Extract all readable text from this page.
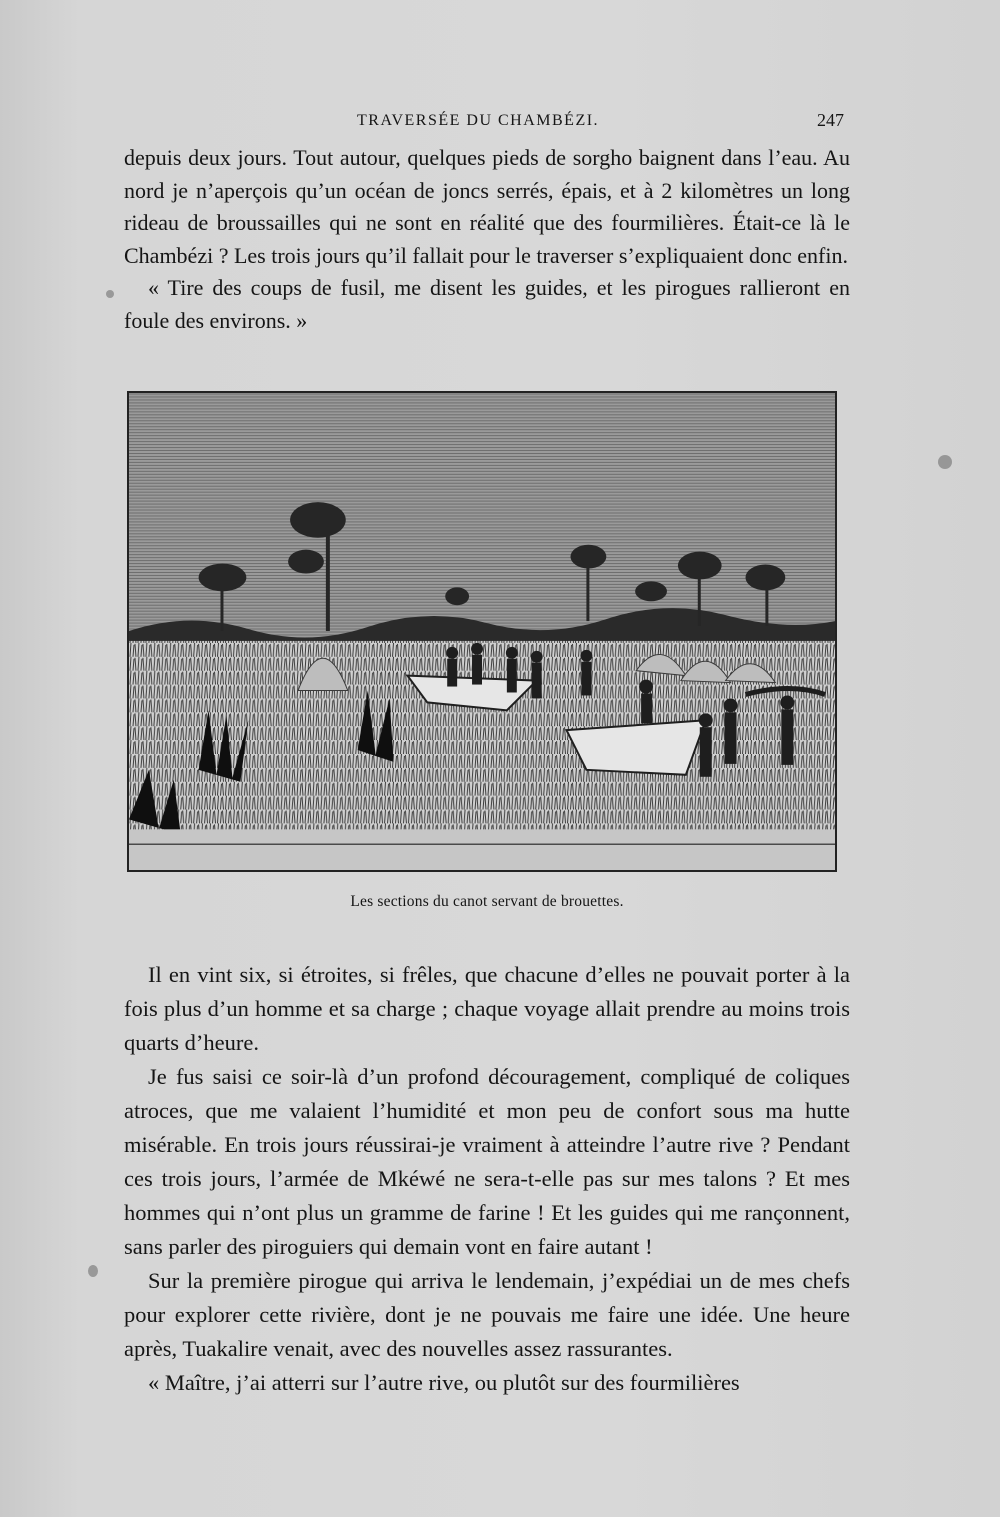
TRAVERSÉE DU CHAMBÉZI.	247

depuis deux jours. Tout autour, quelques pieds de sorgho baignent dans l’eau. Au nord je n’aperçois qu’un océan de joncs serrés, épais, et à 2 kilomètres un long rideau de broussailles qui ne sont en réalité que des fourmilières. Était-ce là le Chambézi ? Les trois jours qu’il fallait pour le traverser s’expliquaient donc enfin.

« Tire des coups de fusil, me disent les guides, et les pirogues rallieront en foule des environs. »

Les sections du canot servant de brouettes.

Il en vint six, si étroites, si frêles, que chacune d’elles ne pouvait porter à la fois plus d’un homme et sa charge ; chaque voyage allait prendre au moins trois quarts d’heure.

Je fus saisi ce soir-là d’un profond découragement, compliqué de coliques atroces, que me valaient l’humidité et mon peu de confort sous ma hutte misérable. En trois jours réussirai-je vraiment à atteindre l’autre rive ? Pendant ces trois jours, l’armée de Mkéwé ne sera-t-elle pas sur mes talons ? Et mes hommes qui n’ont plus un gramme de farine ! Et les guides qui me rançonnent, sans parler des piroguiers qui demain vont en faire autant !

Sur la première pirogue qui arriva le lendemain, j’expédiai un de mes chefs pour explorer cette rivière, dont je ne pouvais me faire une idée. Une heure après, Tuakalire venait, avec des nouvelles assez rassurantes.

« Maître, j’ai atterri sur l’autre rive, ou plutôt sur des fourmilières
